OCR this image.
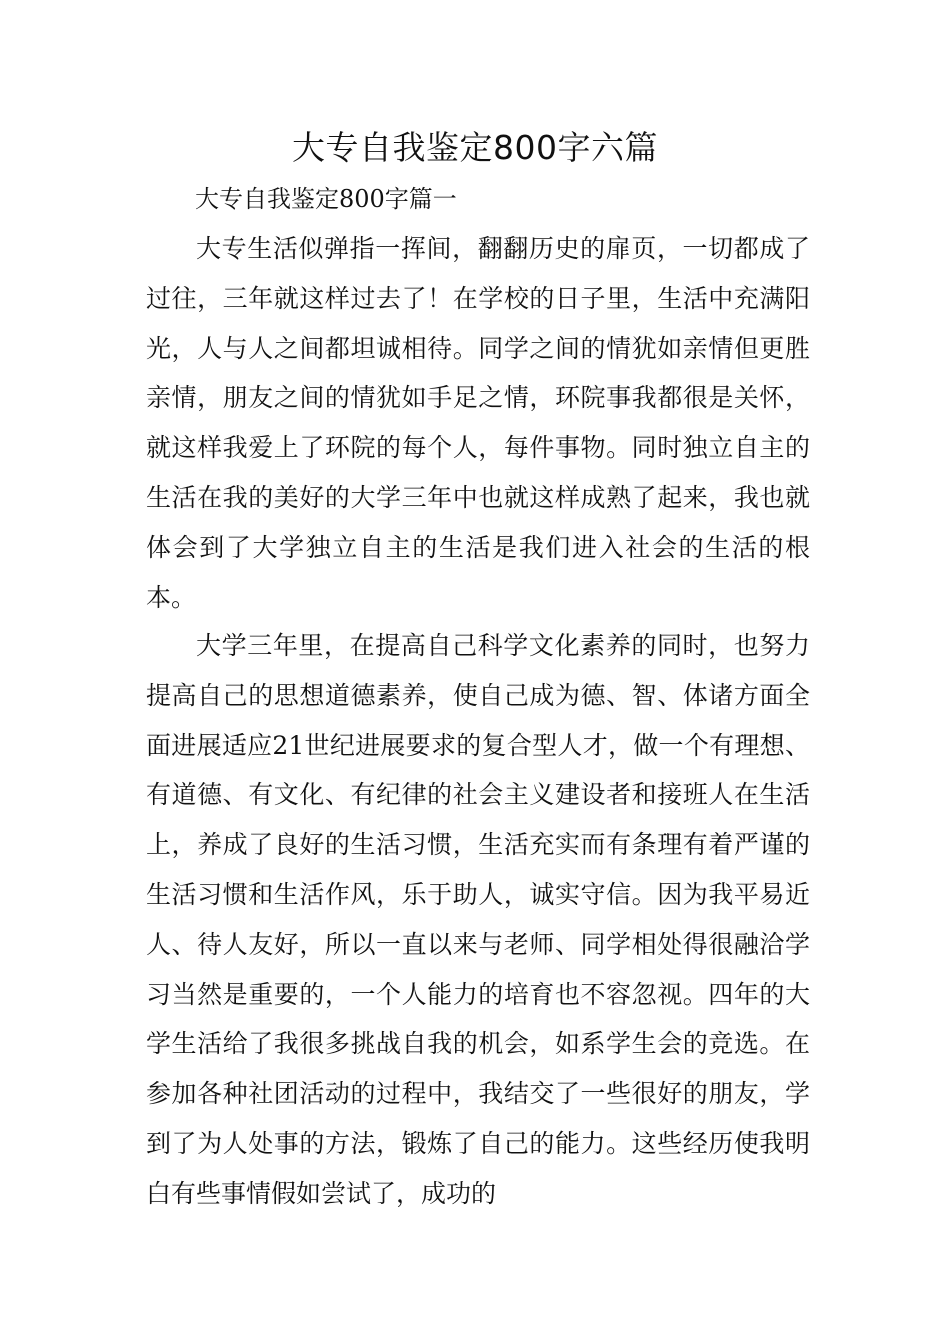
大专自我鉴定800字六篇
大专自我鉴定800字篇一

大专生活似弹指一挥间，翻翻历史的扉页，一切都成了过往，三年就这样过去了！在学校的日子里，生活中充满阳光，人与人之间都坦诚相待。同学之间的情犹如亲情但更胜亲情，朋友之间的情犹如手足之情，环院事我都很是关怀，就这样我爱上了环院的每个人，每件事物。同时独立自主的生活在我的美好的大学三年中也就这样成熟了起来，我也就体会到了大学独立自主的生活是我们进入社会的生活的根本。

大学三年里，在提高自己科学文化素养的同时，也努力提高自己的思想道德素养，使自己成为德、智、体诸方面全面进展适应21世纪进展要求的复合型人才，做一个有理想、有道德、有文化、有纪律的社会主义建设者和接班人在生活上，养成了良好的生活习惯，生活充实而有条理有着严谨的生活习惯和生活作风，乐于助人，诚实守信。因为我平易近人、待人友好，所以一直以来与老师、同学相处得很融洽学习当然是重要的，一个人能力的培育也不容忽视。四年的大学生活给了我很多挑战自我的机会，如系学生会的竞选。在参加各种社团活动的过程中，我结交了一些很好的朋友，学到了为人处事的方法，锻炼了自己的能力。这些经历使我明白有些事情假如尝试了，成功的
